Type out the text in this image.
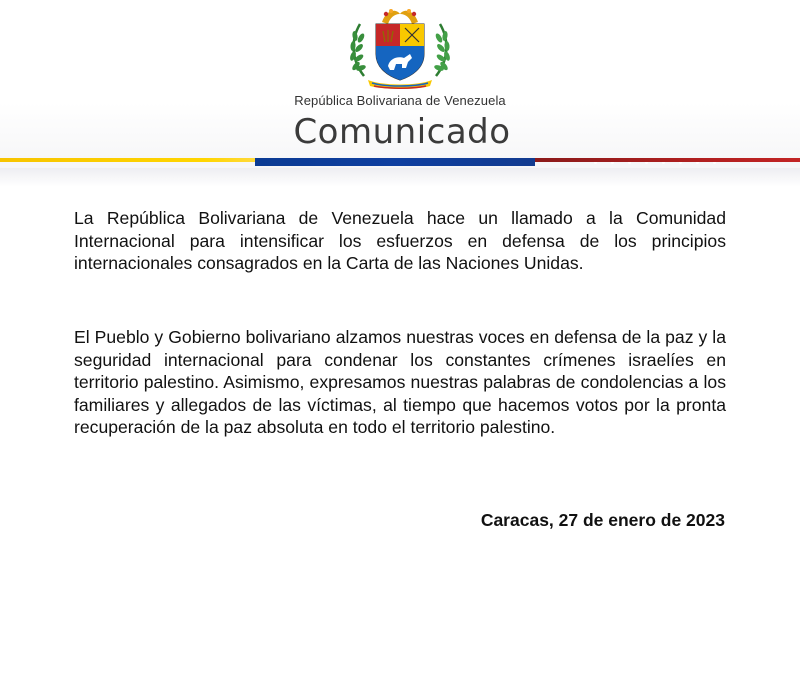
República Bolivariana de Venezuela
Comunicado

La República Bolivariana de Venezuela hace un llamado a la Comunidad Internacional para intensificar los esfuerzos en defensa de los principios internacionales consagrados en la Carta de las Naciones Unidas.

El Pueblo y Gobierno bolivariano alzamos nuestras voces en defensa de la paz y la seguridad internacional para condenar los constantes crímenes israelíes en territorio palestino. Asimismo, expresamos nuestras palabras de condolencias a los familiares y allegados de las víctimas, al tiempo que hacemos votos por la pronta recuperación de la paz absoluta en todo el territorio palestino.

Caracas, 27 de enero de 2023
